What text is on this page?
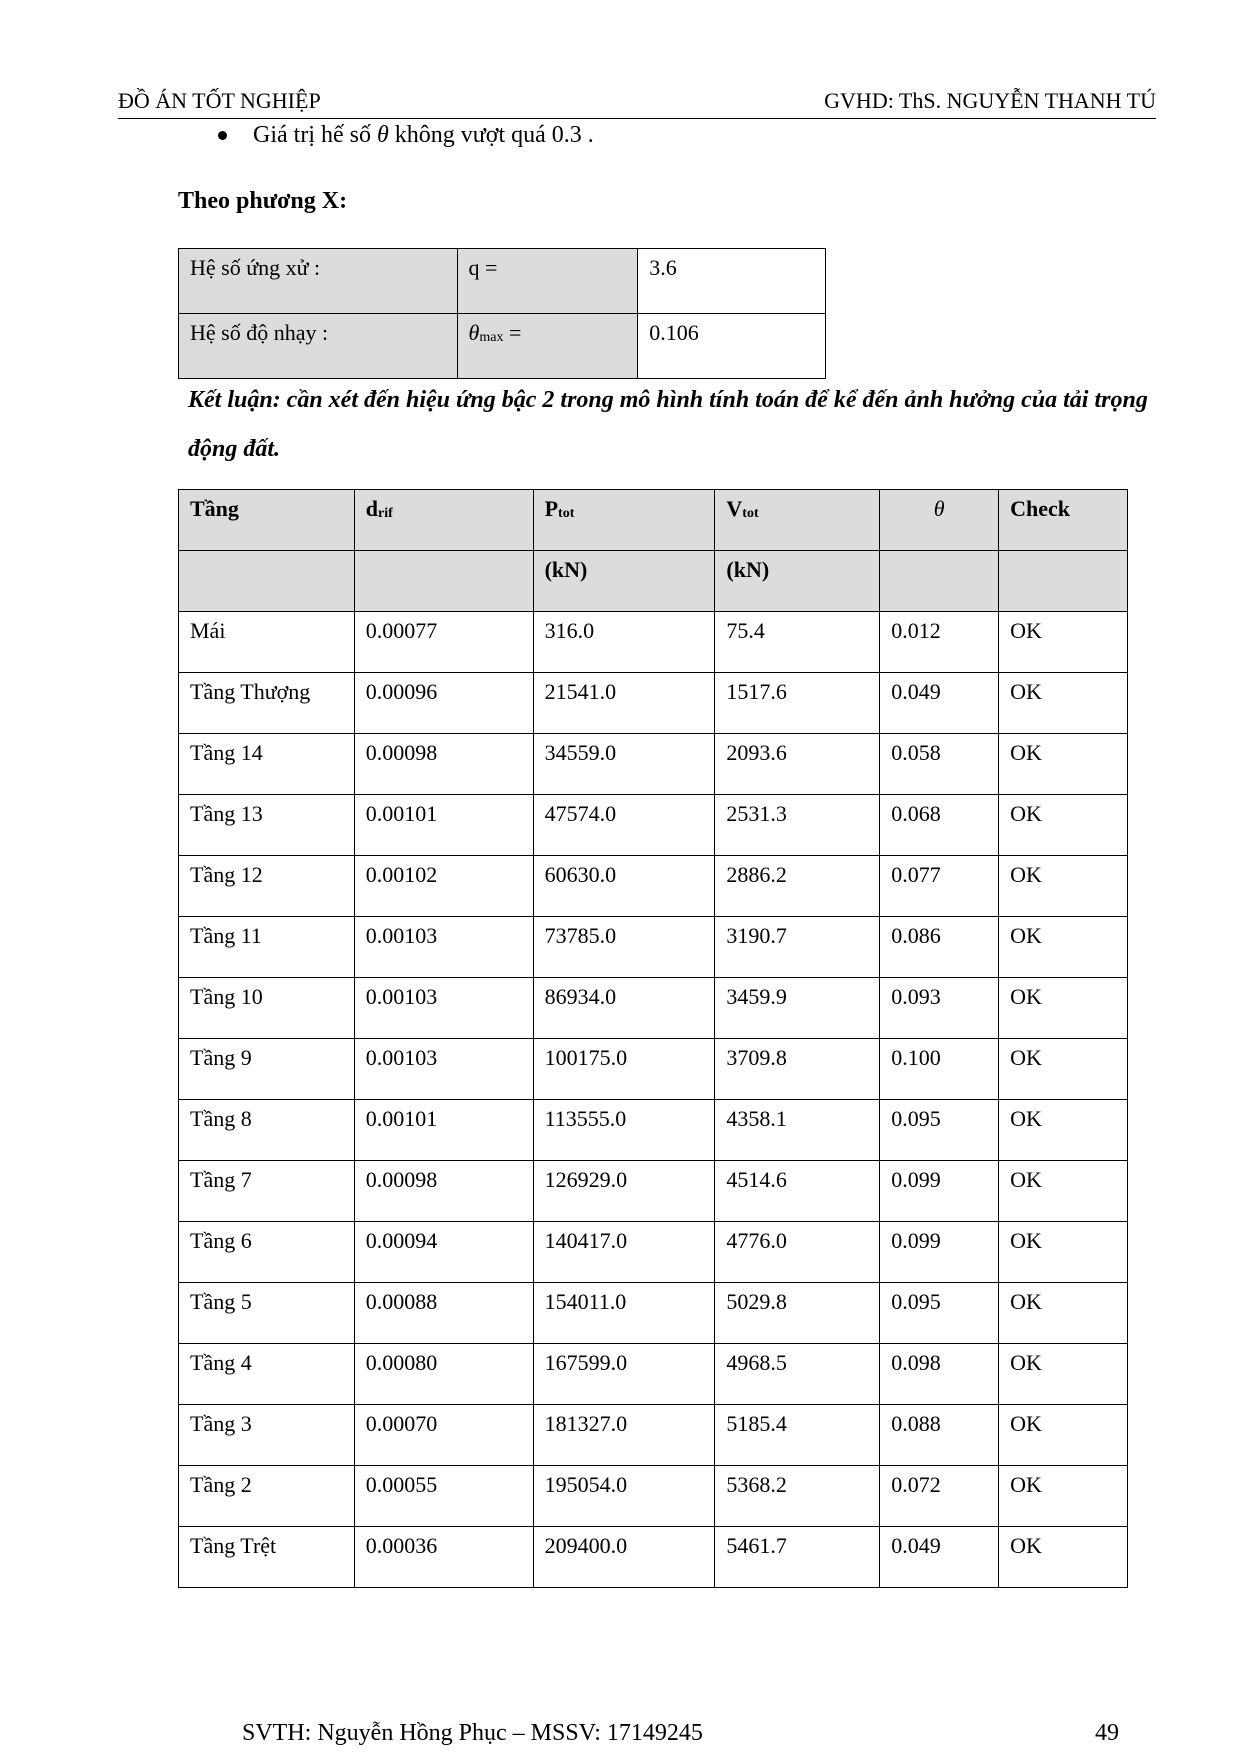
ĐỒ ÁN TỐT NGHIỆP	GVHD: ThS. NGUYỄN THANH TÚ
Giá trị hế số θ không vượt quá 0.3 .
Theo phương X:
Hệ số ứng xử :	q =	3.6
Hệ số độ nhạy :	$\theta_{max}$ =	0.106
Kết luận: cần xét đến hiệu ứng bậc 2 trong mô hình tính toán để kể đến ảnh hưởng của tải trọng động đất.
Tầng	$d_{rif}$	$P_{tot}$	$V_{tot}$	θ	Check
		(kN)	(kN)		
Mái	0.00077	316.0	75.4	0.012	OK
Tầng Thượng	0.00096	21541.0	1517.6	0.049	OK
Tầng 14	0.00098	34559.0	2093.6	0.058	OK
Tầng 13	0.00101	47574.0	2531.3	0.068	OK
Tầng 12	0.00102	60630.0	2886.2	0.077	OK
Tầng 11	0.00103	73785.0	3190.7	0.086	OK
Tầng 10	0.00103	86934.0	3459.9	0.093	OK
Tầng 9	0.00103	100175.0	3709.8	0.100	OK
Tầng 8	0.00101	113555.0	4358.1	0.095	OK
Tầng 7	0.00098	126929.0	4514.6	0.099	OK
Tầng 6	0.00094	140417.0	4776.0	0.099	OK
Tầng 5	0.00088	154011.0	5029.8	0.095	OK
Tầng 4	0.00080	167599.0	4968.5	0.098	OK
Tầng 3	0.00070	181327.0	5185.4	0.088	OK
Tầng 2	0.00055	195054.0	5368.2	0.072	OK
Tầng Trệt	0.00036	209400.0	5461.7	0.049	OK
SVTH: Nguyễn Hồng Phục – MSSV: 17149245	49
